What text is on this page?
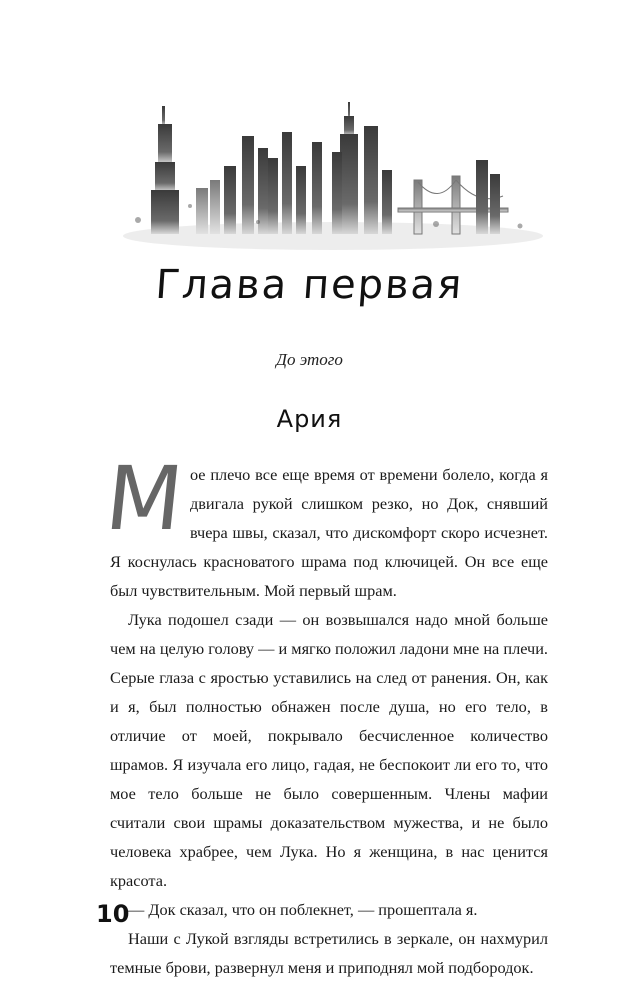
Глава первая
До этого
Ария

Мое плечо все еще время от времени болело, когда я двигала рукой слишком резко, но Док, снявший вчера швы, сказал, что дискомфорт скоро исчезнет. Я коснулась красноватого шрама под ключицей. Он все еще был чувствительным. Мой первый шрам.

Лука подошел сзади — он возвышался надо мной больше чем на целую голову — и мягко положил ладони мне на плечи. Серые глаза с яростью уставились на след от ранения. Он, как и я, был полностью обнажен после душа, но его тело, в отличие от моей, покрывало бесчисленное количество шрамов. Я изучала его лицо, гадая, не беспокоит ли его то, что мое тело больше не было совершенным. Члены мафии считали свои шрамы доказательством мужества, и не было человека храбрее, чем Лука. Но я женщина, в нас ценится красота.

— Док сказал, что он поблекнет, — прошептала я.

Наши с Лукой взгляды встретились в зеркале, он нахмурил темные брови, развернул меня и приподнял мой подбородок.

10
